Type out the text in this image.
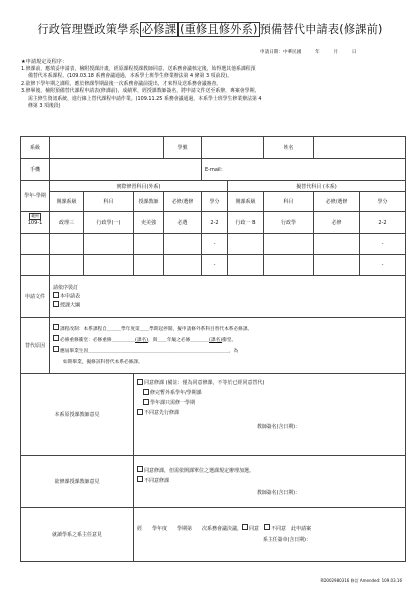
行政管理暨政策學系 必修課 (重修且修外系) 預備替代申請表(修課前)
申請日期：中華民國　　　年　　　月　　　日
★申請規定及程序：
1.修課前，應填妥申請表，檢附授課計畫，經原課程授課教師同意，送系務會議核定後，始得選其他系課程預
備替代本系課程。(109.03.18 系務會議通過，本系學士班學生修業辦法第 4 條第 3 項前段)。
2.欲修下學年期之課程，應於修課學期最後一次系務會議前提出，才來得及送系務會議審查。
3.修畢後，檢附預備替代課程申請表(修課前)、成績單，經授課教師簽名，將申請文件送至系辦，專案會學期，
需主修生資訊系統，進行線上替代課程申請作業。(109.11.25 系務會議通過，本系學士班學生修業辦法第 4
條第 3 項後段)
系級				學號			姓名		
手機					E-mail：				
學年-學期	實際修習科目(外系)					擬替代科目 (本系)			
	開課系級	科目	授課教師	必修/選修	學分	開課系級	科目	必修/選修	學分
範例
109-1	政理三	行政學(一)	吏美強	必選	2-2	行政一 B	行政學	必修	2-2
					-				-
					-				-
申請文件	請依序裝訂
本申請表
授課大綱								

替代原因	課程改制：本系課程自＿＿＿學年度第＿＿學期起停開，擬申請修外系科目替代本系必修課。
必修重修衝堂：必修重修＿＿＿＿＿(課名)，與＿＿年級之必修＿＿＿＿(課名)衝堂。
應屆畢業生因＿＿＿＿＿＿＿＿＿＿＿＿＿＿＿＿＿＿＿＿＿＿＿＿＿＿＿＿＿＿，為
如期畢業，擬修該科替代本系必修課。								

本系原授課教師意見			同意修課 (備註：僅為同意修課，不等於已經同意替代)
修完暫外系學年/學期課
學年課只需修一學期
不同意先行修課
教師簽名(含日期)：						

欲修課授課教師意見			同意修課，但需依開課單位之選課規定辦理加選。
不同意修課
教師簽名(含日期)：						

就讀學系之系主任意見			經　　學年度　　學期第　　次系務會議決議， 同意　 不同意　 此申請案
系主任簽章(含日期)：						
RD002980316 修訂 Amended: 109.03.16
